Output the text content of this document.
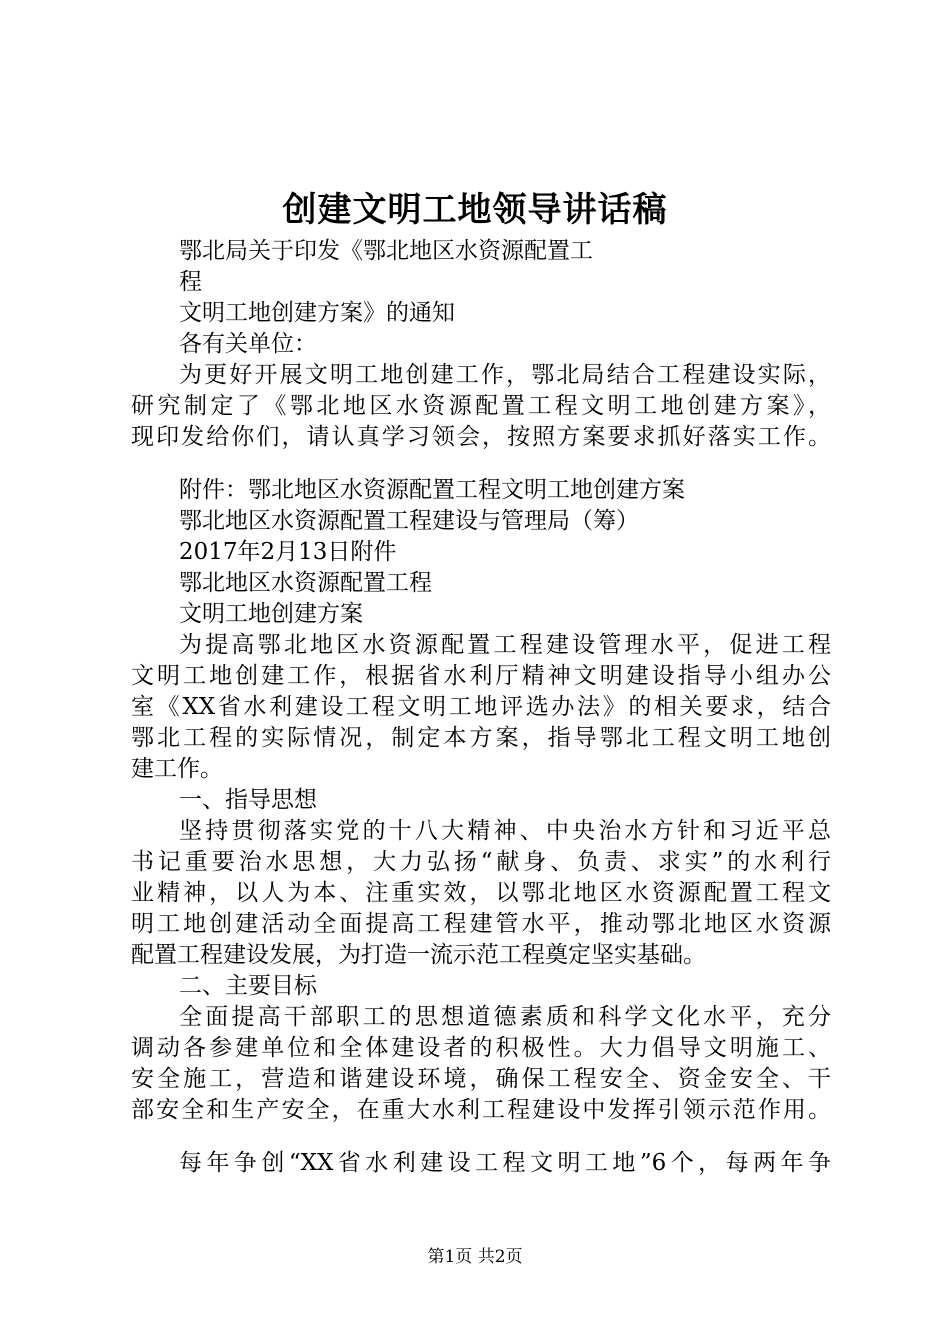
创建文明工地领导讲话稿

鄂北局关于印发《鄂北地区水资源配置工

程

文明工地创建方案》的通知

各有关单位：

为更好开展文明工地创建工作，鄂北局结合工程建设实际，

研究制定了《鄂北地区水资源配置工程文明工地创建方案》，

现印发给你们，请认真学习领会，按照方案要求抓好落实工作。

附件：鄂北地区水资源配置工程文明工地创建方案

鄂北地区水资源配置工程建设与管理局（筹）

2017年2月13日附件

鄂北地区水资源配置工程

文明工地创建方案

为提高鄂北地区水资源配置工程建设管理水平，促进工程

文明工地创建工作，根据省水利厅精神文明建设指导小组办公

室《XX省水利建设工程文明工地评选办法》的相关要求，结合

鄂北工程的实际情况，制定本方案，指导鄂北工程文明工地创

建工作。

一、指导思想

坚持贯彻落实党的十八大精神、中央治水方针和习近平总

书记重要治水思想，大力弘扬“献身、负责、求实”的水利行

业精神，以人为本、注重实效，以鄂北地区水资源配置工程文

明工地创建活动全面提高工程建管水平，推动鄂北地区水资源

配置工程建设发展，为打造一流示范工程奠定坚实基础。

二、主要目标

全面提高干部职工的思想道德素质和科学文化水平，充分

调动各参建单位和全体建设者的积极性。大力倡导文明施工、

安全施工，营造和谐建设环境，确保工程安全、资金安全、干

部安全和生产安全，在重大水利工程建设中发挥引领示范作用。

每年争创“XX省水利建设工程文明工地”6个，每两年争

第1页 共2页
